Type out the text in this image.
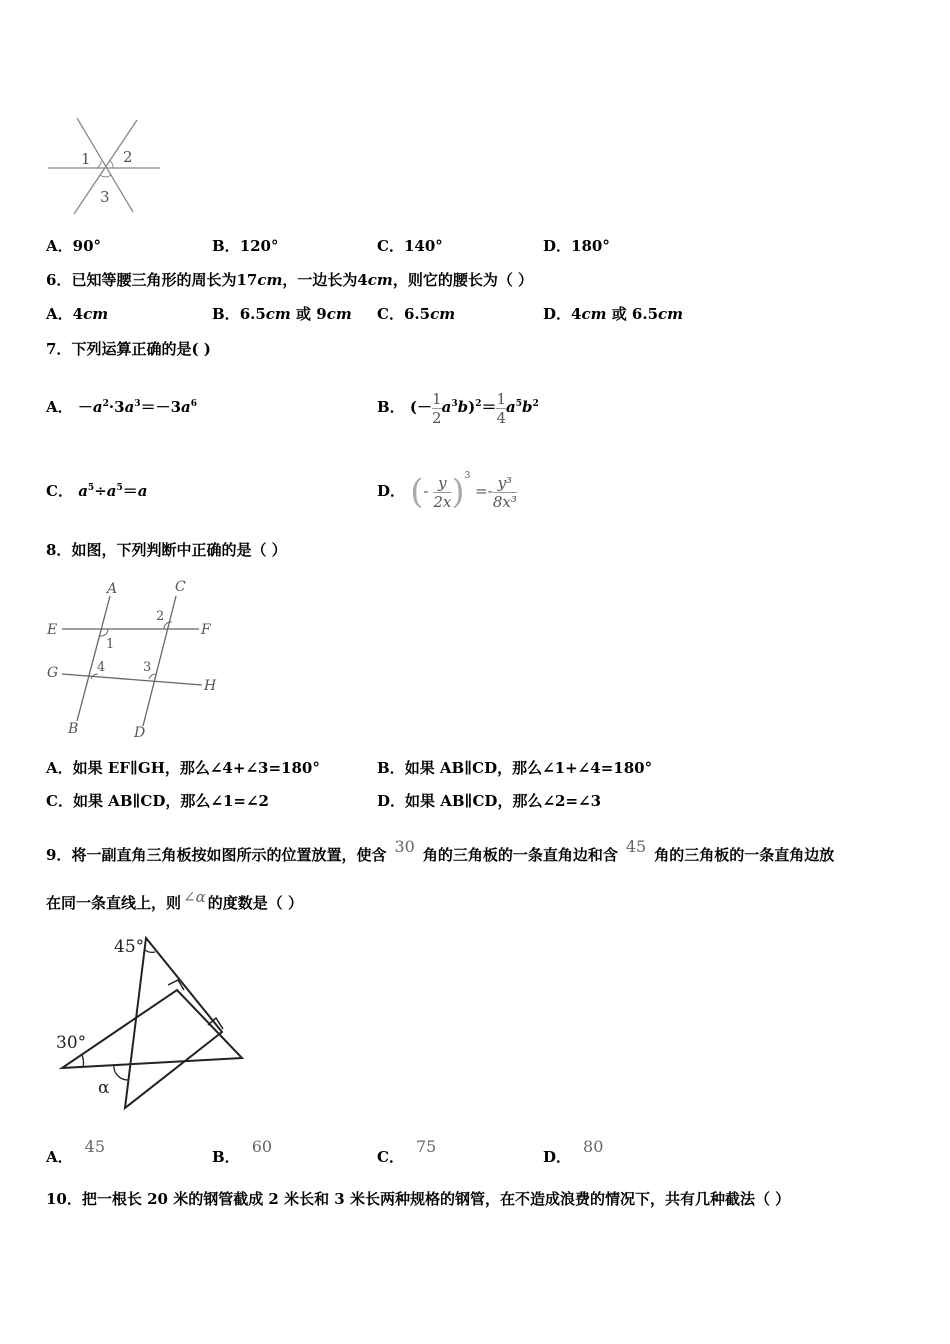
1 2
3
A．90°	B．120°	C．140°	D．180°
6．已知等腰三角形的周长为17cm，一边长为4cm，则它的腰长为（ ）
A．4cm	B．6.5cm 或 9cm C．6.5cm	D．4cm 或 6.5cm
7．下列运算正确的是( )
A． $-a^2\cdot 3a^3=-3a^6$	B． (－ $\frac{1}{2} a^3b)^2= \frac{1}{4} a^5b^2$
C． $a^5\div a^5=a$	D． (- $\frac{y}{2x} )^3 =- \frac{\text{y³}}{\text{8x³}}$
8．如图，下列判断中正确的是（ ）
A	C
E	F
G
H
B	D
1
2
3
4
A．如果 EF∥GH，那么∠4+∠3=180°	B．如果 AB∥CD，那么∠1+∠4=180°
C．如果 AB∥CD，那么∠1=∠2	D．如果 AB∥CD，那么∠2=∠3
9．将一副直角三角板按如图所示的位置放置，使含 30 角的三角板的一条直角边和含 45 角的三角板的一条直角边放
在同一条直线上，则 ∠α 的度数是（ ）
45°
30°
α
A．45
B．60
C．75
D．80
10．把一根长 20 米的钢管截成 2 米长和 3 米长两种规格的钢管，在不造成浪费的情况下，共有几种截法（ ）
